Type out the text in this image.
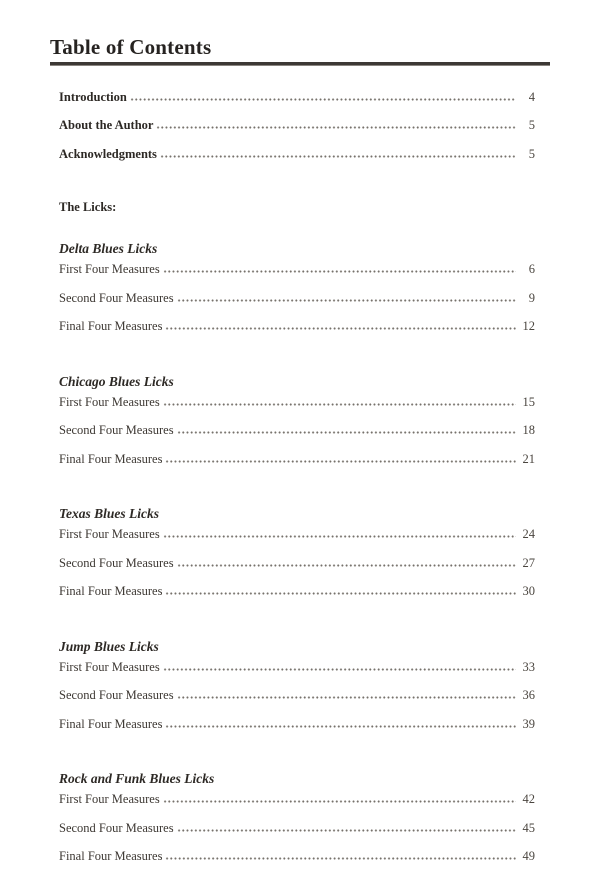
Table of Contents
Introduction	4
About the Author	5
Acknowledgments	5
The Licks:
Delta Blues Licks
First Four Measures	6
Second Four Measures	9
Final Four Measures	12
Chicago Blues Licks
First Four Measures	15
Second Four Measures	18
Final Four Measures	21
Texas Blues Licks
First Four Measures	24
Second Four Measures	27
Final Four Measures	30
Jump Blues Licks
First Four Measures	33
Second Four Measures	36
Final Four Measures	39
Rock and Funk Blues Licks
First Four Measures	42
Second Four Measures	45
Final Four Measures	49
